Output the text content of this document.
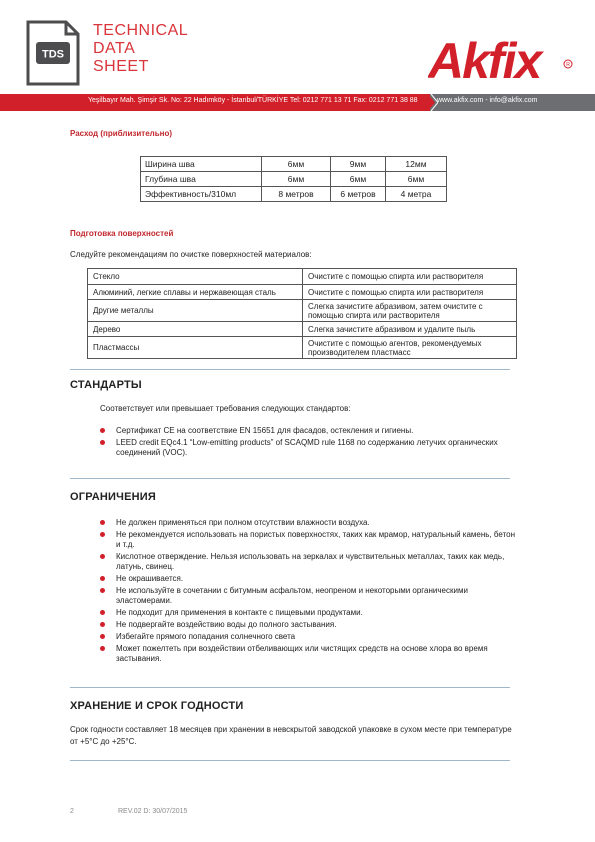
TDS
TECHNICAL
DATA
SHEET	Akfix	R
Yeşilbayır Mah. Şimşir Sk. No: 22 Hadımköy - İstanbul/TÜRKİYE Tel: 0212 771 13 71 Fax: 0212 771 38 88	www.akfix.com - info@akfix.com
Расход (приблизительно)
Ширина шва	6мм	9мм	12мм
Глубина шва	6мм	6мм	6мм
Эффективность/310мл	8 метров	6 метров	4 метра
Подготовка поверхностей
Следуйте рекомендациям по очистке поверхностей материалов:
Стекло	Очистите с помощью спирта или растворителя
Алюминий, легкие сплавы и нержавеющая сталь	Очистите с помощью спирта или растворителя
Другие металлы	Слегка зачистите абразивом, затем очистите с помощью спирта или растворителя
Дерево	Слегка зачистите абразивом и удалите пыль
Пластмассы	Очистите с помощью агентов, рекомендуемых производителем пластмасс
СТАНДАРТЫ
Соответствует или превышает требования следующих стандартов:
Сертификат CE на соответствие EN 15651 для фасадов, остекления и гигиены.
LEED credit EQc4.1 “Low-emitting products” of SCAQMD rule 1168 по содержанию летучих органических соединений (VOC).
ОГРАНИЧЕНИЯ
Не должен применяться при полном отсутствии влажности воздуха.
Не рекомендуется использовать на пористых поверхностях, таких как мрамор, натуральный камень, бетон и т.д.
Кислотное отверждение. Нельзя использовать на зеркалах и чувствительных металлах, таких как медь, латунь, свинец.
Не окрашивается.
Не используйте в сочетании с битумным асфальтом, неопреном и некоторыми органическими эластомерами.
Не подходит для применения в контакте с пищевыми продуктами.
Не подвергайте воздействию воды до полного застывания.
Избегайте прямого попадания солнечного света
Может пожелтеть при воздействии отбеливающих или чистящих средств на основе хлора во время застывания.
ХРАНЕНИЕ И СРОК ГОДНОСТИ
Срок годности составляет 18 месяцев при хранении в невскрытой заводской упаковке в сухом месте при температуре от +5°C до +25°C.
2	REV.02 D: 30/07/2015
